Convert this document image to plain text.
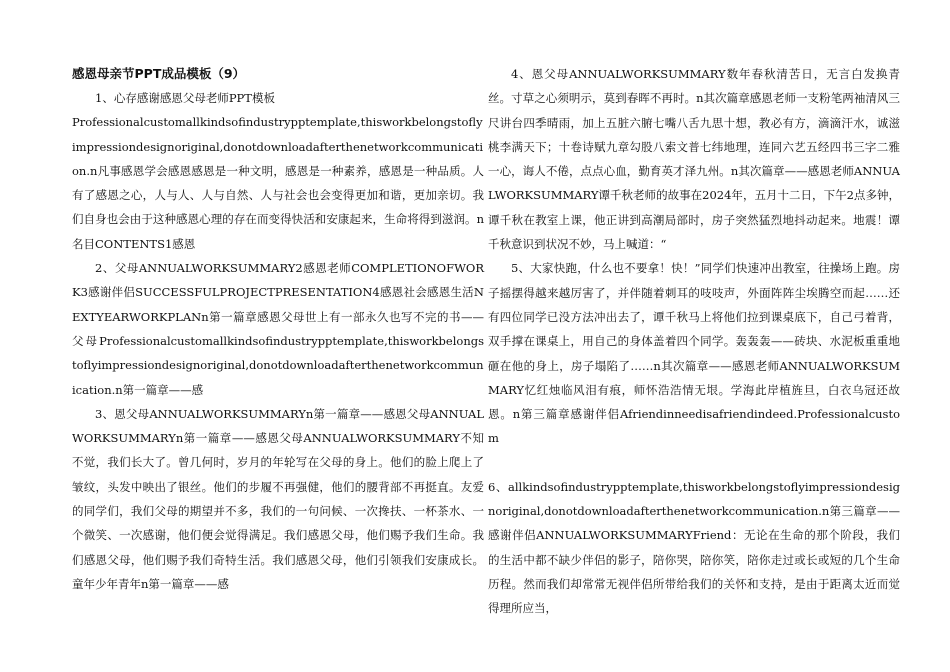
感恩母亲节PPT成品模板（9）

1、心存感谢感恩父母老师PPT模板

Professionalcustomallkindsofindustrypptemplate,thisworkbelongstoflyimpressiondesignoriginal,donotdownloadafterthenetworkcommunication.n凡事感恩学会感恩感恩是一种文明，感恩是一种素养，感恩是一种品质。人有了感恩之心，人与人、人与自然、人与社会也会变得更加和谐，更加亲切。我们自身也会由于这种感恩心理的存在而变得快活和安康起来，生命将得到滋润。n名目CONTENTS1感恩

2、父母ANNUALWORKSUMMARY2感恩老师COMPLETIONOFWORK3感谢伴侣SUCCESSFULPROJECTPRESENTATION4感恩社会感恩生活NEXTYEARWORKPLANn第一篇章感恩父母世上有一部永久也写不完的书——父母Professionalcustomallkindsofindustrypptemplate,thisworkbelongstoflyimpressiondesignoriginal,donotdownloadafterthenetworkcommunication.n第一篇章——感

3、恩父母ANNUALWORKSUMMARYn第一篇章——感恩父母ANNUALWORKSUMMARYn第一篇章——感恩父母ANNUALWORKSUMMARY不知不觉，我们长大了。曾几何时，岁月的年轮写在父母的身上。他们的脸上爬上了皱纹，头发中映出了银丝。他们的步履不再强健，他们的腰背部不再挺直。友爱的同学们，我们父母的期望并不多，我们的一句问候、一次搀扶、一杯茶水、一个微笑、一次感谢，他们便会觉得满足。我们感恩父母，他们赐予我们生命。我们感恩父母，他们赐予我们奇特生活。我们感恩父母，他们引领我们安康成长。童年少年青年n第一篇章——感

4、恩父母ANNUALWORKSUMMARY数年春秋清苦日，无言白发换青丝。寸草之心须明示，莫到春晖不再时。n其次篇章感恩老师一支粉笔两袖清风三尺讲台四季晴雨，加上五脏六腑七嘴八舌九思十想，教必有方，滴滴汗水，诚滋桃李满天下；十卷诗赋九章勾股八索文普七纬地理，连同六艺五经四书三字二雅一心，诲人不倦，点点心血，勤育英才泽九州。n其次篇章——感恩老师ANNUALWORKSUMMARY谭千秋老师的故事在2024年，五月十二日，下午2点多钟，谭千秋在教室上课，他正讲到高潮局部时，房子突然猛烈地抖动起来。地震！谭千秋意识到状况不妙，马上喊道：“

5、大家快跑，什么也不要拿！快！”同学们快速冲出教室，往操场上跑。房子摇摆得越来越厉害了，并伴随着刺耳的吱吱声，外面阵阵尘埃腾空而起……还有四位同学已没方法冲出去了，谭千秋马上将他们拉到课桌底下，自己弓着背，双手撑在课桌上，用自己的身体盖着四个同学。轰轰轰——砖块、水泥板重重地砸在他的身上，房子塌陷了……n其次篇章——感恩老师ANNUALWORKSUMMARY忆红烛临风泪有痕，师怀浩浩情无垠。学海此岸植旌旦，白衣乌冠还故恩。n第三篇章感谢伴侣Afriendinneedisafriendindeed.Professionalcustom

6、allkindsofindustrypptemplate,thisworkbelongstoflyimpressiondesignoriginal,donotdownloadafterthenetworkcommunication.n第三篇章——感谢伴侣ANNUALWORKSUMMARYFriend：无论在生命的那个阶段，我们的生活中都不缺少伴侣的影子，陪你哭，陪你笑，陪你走过或长或短的几个生命历程。然而我们却常常无视伴侣所带给我们的关怀和支持，是由于距离太近而觉得理所应当，
